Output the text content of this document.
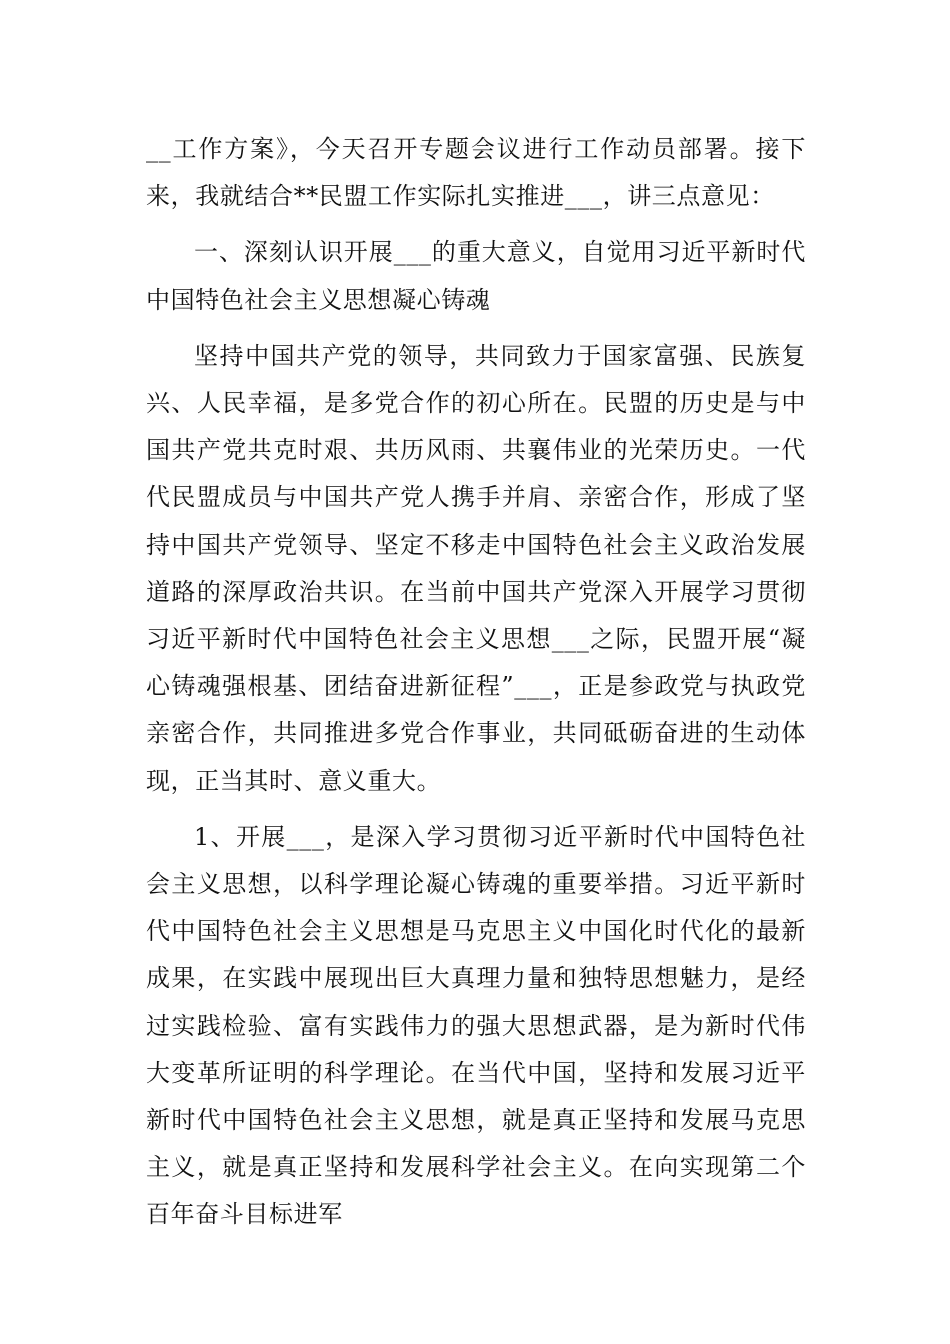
__工作方案》，今天召开专题会议进行工作动员部署。接下来，我就结合**民盟工作实际扎实推进___，讲三点意见：

一、深刻认识开展___的重大意义，自觉用习近平新时代中国特色社会主义思想凝心铸魂

坚持中国共产党的领导，共同致力于国家富强、民族复兴、人民幸福，是多党合作的初心所在。民盟的历史是与中国共产党共克时艰、共历风雨、共襄伟业的光荣历史。一代代民盟成员与中国共产党人携手并肩、亲密合作，形成了坚持中国共产党领导、坚定不移走中国特色社会主义政治发展道路的深厚政治共识。在当前中国共产党深入开展学习贯彻习近平新时代中国特色社会主义思想___之际，民盟开展“凝心铸魂强根基、团结奋进新征程”___，正是参政党与执政党亲密合作，共同推进多党合作事业，共同砥砺奋进的生动体现，正当其时、意义重大。

1、开展___，是深入学习贯彻习近平新时代中国特色社会主义思想，以科学理论凝心铸魂的重要举措。习近平新时代中国特色社会主义思想是马克思主义中国化时代化的最新成果，在实践中展现出巨大真理力量和独特思想魅力，是经过实践检验、富有实践伟力的强大思想武器，是为新时代伟大变革所证明的科学理论。在当代中国，坚持和发展习近平新时代中国特色社会主义思想，就是真正坚持和发展马克思主义，就是真正坚持和发展科学社会主义。在向实现第二个百年奋斗目标进军
